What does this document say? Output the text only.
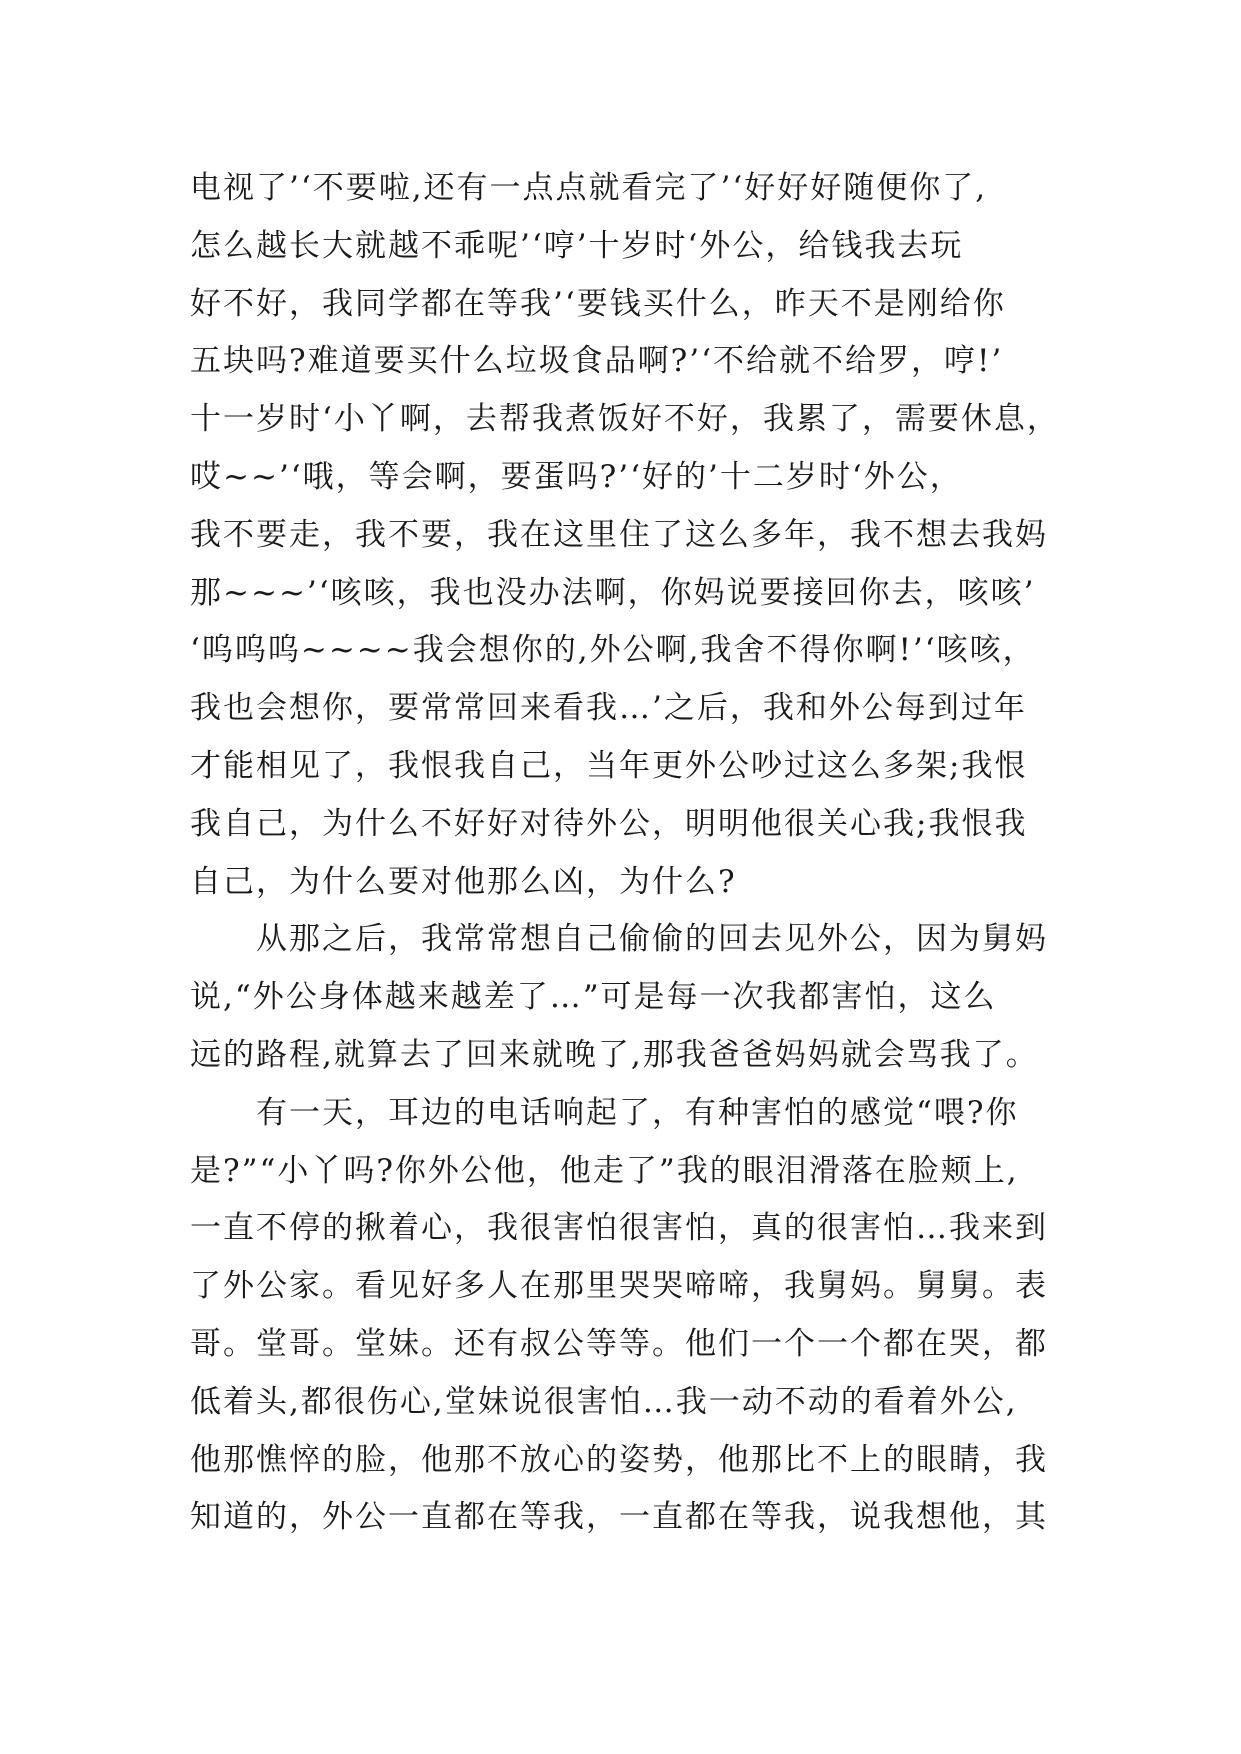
电视了’‘不要啦,还有一点点就看完了’‘好好好随便你了,
怎么越长大就越不乖呢’‘哼’十岁时‘外公，给钱我去玩
好不好，我同学都在等我’‘要钱买什么，昨天不是刚给你
五块吗?难道要买什么垃圾食品啊?’‘不给就不给罗，哼!’
十一岁时‘小丫啊，去帮我煮饭好不好，我累了，需要休息，
哎~~’‘哦，等会啊，要蛋吗?’‘好的’十二岁时‘外公，
我不要走，我不要，我在这里住了这么多年，我不想去我妈
那~~~’‘咳咳，我也没办法啊，你妈说要接回你去，咳咳’
‘呜呜呜~~~~我会想你的,外公啊,我舍不得你啊!’‘咳咳，
我也会想你，要常常回来看我…’之后，我和外公每到过年
才能相见了，我恨我自己，当年更外公吵过这么多架;我恨
我自己，为什么不好好对待外公，明明他很关心我;我恨我
自己，为什么要对他那么凶，为什么?
　　从那之后，我常常想自己偷偷的回去见外公，因为舅妈
说,“外公身体越来越差了…”可是每一次我都害怕，这么
远的路程,就算去了回来就晚了,那我爸爸妈妈就会骂我了。
　　有一天，耳边的电话响起了，有种害怕的感觉“喂?你
是?”“小丫吗?你外公他，他走了”我的眼泪滑落在脸颊上,
一直不停的揪着心，我很害怕很害怕，真的很害怕…我来到
了外公家。看见好多人在那里哭哭啼啼，我舅妈。舅舅。表
哥。堂哥。堂妹。还有叔公等等。他们一个一个都在哭，都
低着头,都很伤心,堂妹说很害怕…我一动不动的看着外公,
他那憔悴的脸，他那不放心的姿势，他那比不上的眼睛，我
知道的，外公一直都在等我，一直都在等我，说我想他，其
